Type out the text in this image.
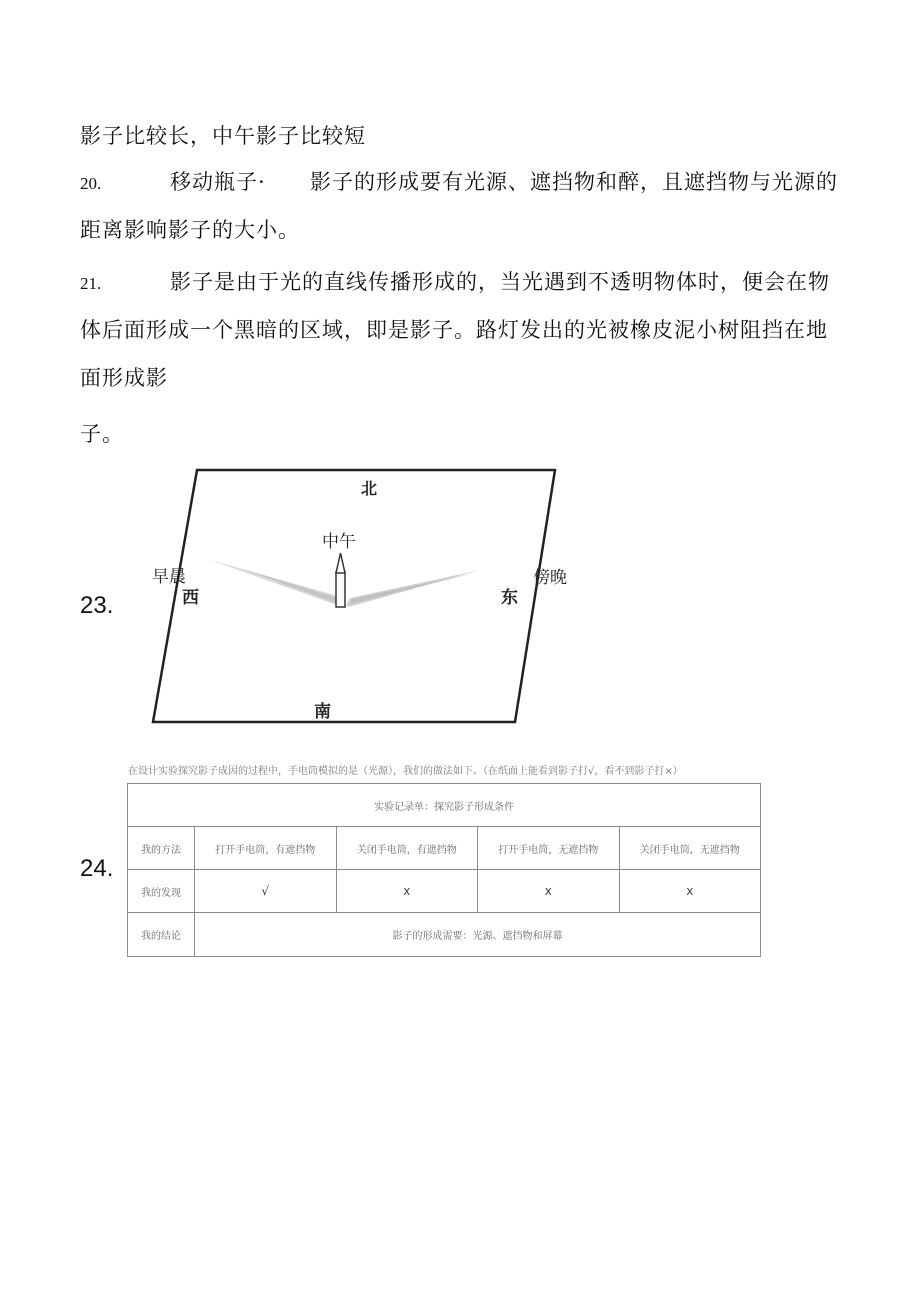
影子比较长，中午影子比较短
20.	移动瓶子· 影子的形成要有光源、遮挡物和醉，且遮挡物与光源的
距离影响影子的大小。
21.	影子是由于光的直线传播形成的，当光遇到不透明物体时，便会在物
体后面形成一个黑暗的区域，即是影子。路灯发出的光被橡皮泥小树阻挡在地
面形成影
子。
23.
北
中午
早晨
西
傍晚
东
南
24.
在设计实验探究影子成因的过程中，手电筒模拟的是（光源），我们的做法如下。（在纸面上能看到影子打√，看不到影子打×）
实验记录单：探究影子形成条件				
我的方法	打开手电筒，有遮挡物	关闭手电筒，有遮挡物	打开手电筒，无遮挡物	关闭手电筒，无遮挡物
我的发现	√	x	x	x
我的结论	影子的形成需要：光源、遮挡物和屏幕			
